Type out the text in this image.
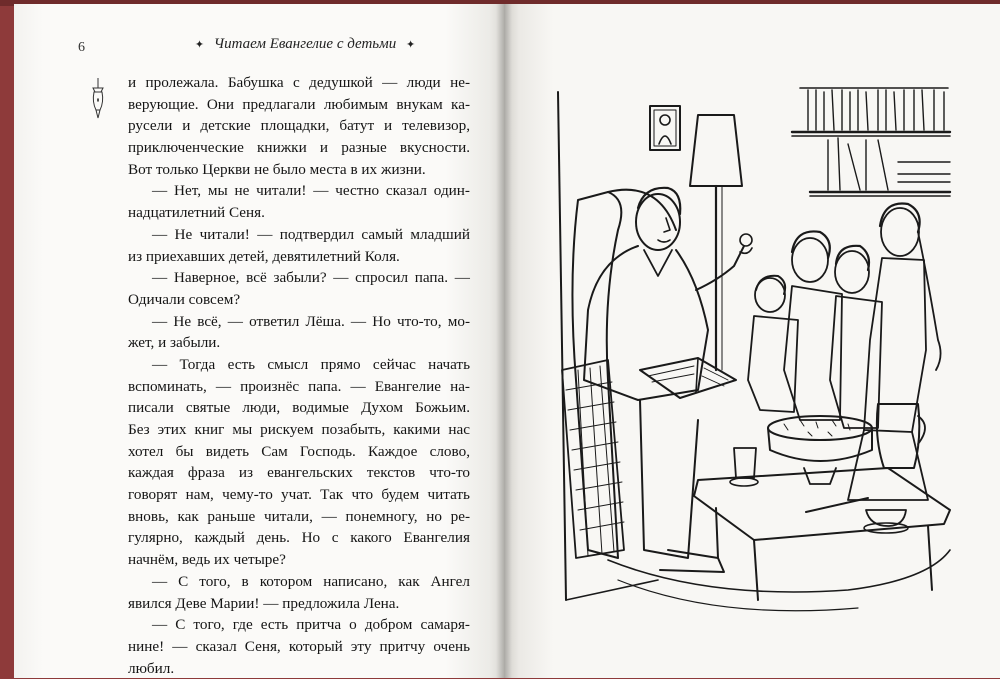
6	✦ Читаем Евангелие с детьми ✦
и пролежала. Бабушка с дедушкой — люди не-
верующие. Они предлагали любимым внукам ка-
русели и детские площадки, батут и телевизор,
приключенческие книжки и разные вкусности.
Вот только Церкви не было места в их жизни.
— Нет, мы не читали! — честно сказал один-
надцатилетний Сеня.
— Не читали! — подтвердил самый младший
из приехавших детей, девятилетний Коля.
— Наверное, всё забыли? — спросил папа. —
Одичали совсем?
— Не всё, — ответил Лёша. — Но что-то, мо-
жет, и забыли.
— Тогда есть смысл прямо сейчас начать
вспоминать, — произнёс папа. — Евангелие на-
писали святые люди, водимые Духом Божьим.
Без этих книг мы рискуем позабыть, какими нас
хотел бы видеть Сам Господь. Каждое слово,
каждая фраза из евангельских текстов что-то
говорят нам, чему-то учат. Так что будем читать
вновь, как раньше читали, — понемногу, но ре-
гулярно, каждый день. Но с какого Евангелия
начнём, ведь их четыре?
— С того, в котором написано, как Ангел
явился Деве Марии! — предложила Лена.
— С того, где есть притча о добром самаря-
нине! — сказал Сеня, который эту притчу очень
любил.
